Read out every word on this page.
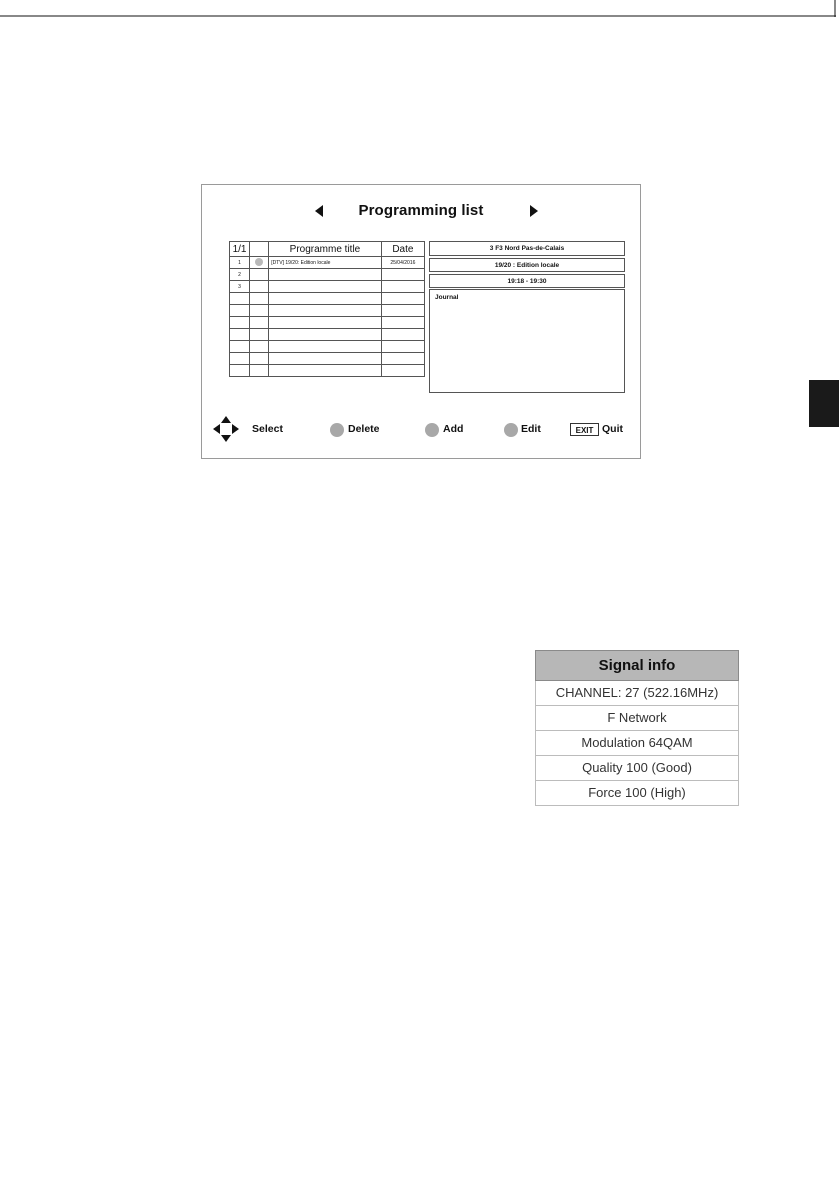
Programming list
1/1		Programme title	Date
1		[DTV] 19/20: Edition locale	25/04/2016
2			
3			

3 F3 Nord Pas-de-Calais
19/20 : Edition locale
19:18 - 19:30
Journal
Select	Delete	Add	Edit	EXIT Quit
Signal info
CHANNEL: 27 (522.16MHz)
F Network
Modulation 64QAM
Quality 100 (Good)
Force 100 (High)
